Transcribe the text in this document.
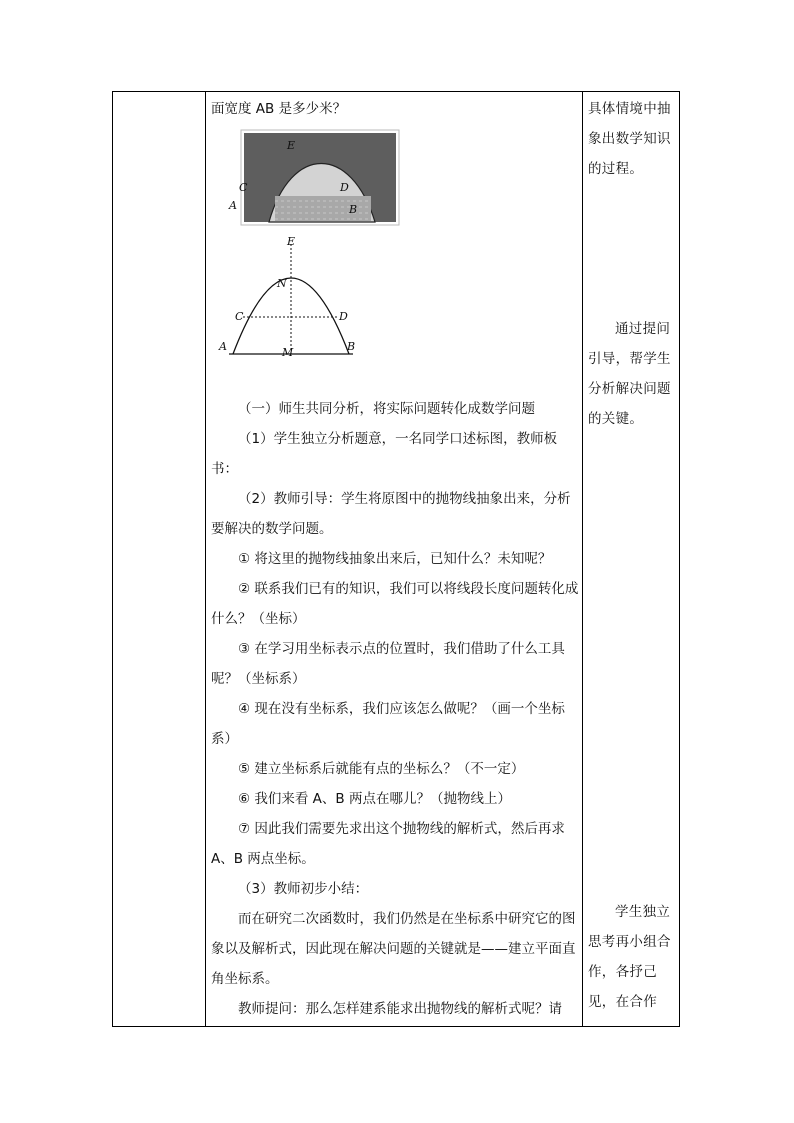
面宽度 AB 是多少米？

E
C	D
A	B
E
N
C	D
A	M	B

（一）师生共同分析，将实际问题转化成数学问题

（1）学生独立分析题意，一名同学口述标图，教师板书：

（2）教师引导：学生将原图中的抛物线抽象出来，分析要解决的数学问题。

① 将这里的抛物线抽象出来后，已知什么？未知呢？

② 联系我们已有的知识，我们可以将线段长度问题转化成什么？（坐标）

③ 在学习用坐标表示点的位置时，我们借助了什么工具呢？（坐标系）

④ 现在没有坐标系，我们应该怎么做呢？（画一个坐标系）

⑤ 建立坐标系后就能有点的坐标么？（不一定）

⑥ 我们来看 A、B 两点在哪儿？（抛物线上）

⑦ 因此我们需要先求出这个抛物线的解析式，然后再求 A、B 两点坐标。

（3）教师初步小结：

而在研究二次函数时，我们仍然是在坐标系中研究它的图象以及解析式，因此现在解决问题的关键就是——建立平面直角坐标系。

教师提问：那么怎样建系能求出抛物线的解析式呢？请

具体情境中抽象出数学知识的过程。

通过提问引导，帮学生分析解决问题的关键。

学生独立思考再小组合作，各抒己见，在合作
